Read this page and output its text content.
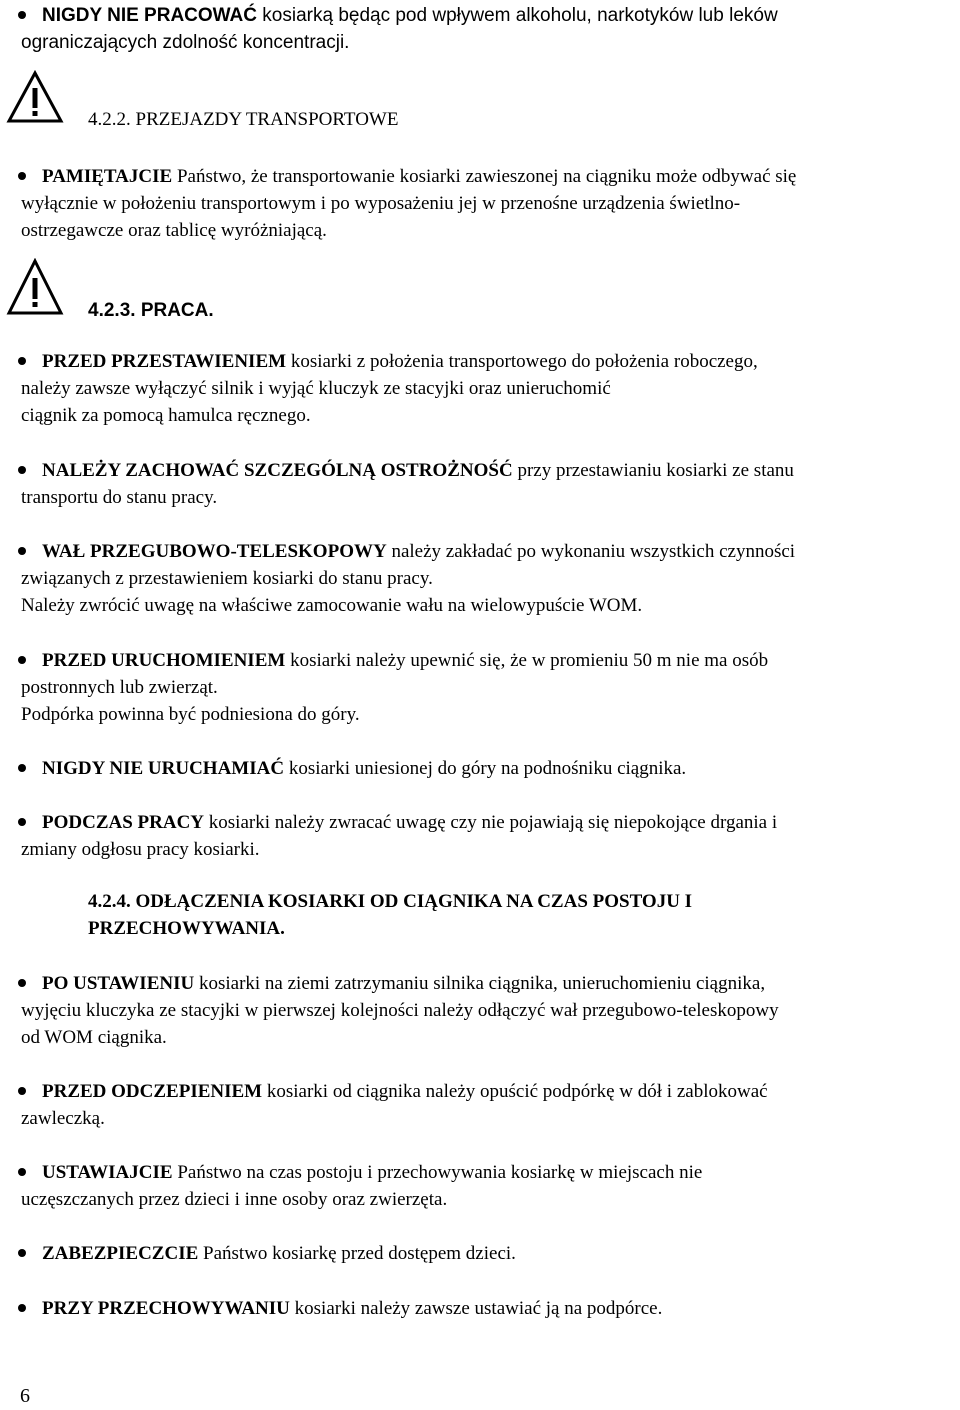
NIGDY NIE PRACOWAĆ kosiarką będąc pod wpływem alkoholu, narkotyków lub leków
ograniczających zdolność koncentracji.
4.2.2. PRZEJAZDY TRANSPORTOWE
PAMIĘTAJCIE Państwo, że transportowanie kosiarki zawieszonej na ciągniku może odbywać się
wyłącznie w położeniu transportowym i po wyposażeniu jej w przenośne urządzenia świetlno-
ostrzegawcze oraz tablicę wyróżniającą.
4.2.3. PRACA.
PRZED PRZESTAWIENIEM kosiarki z położenia transportowego do położenia roboczego,
należy zawsze wyłączyć silnik i wyjąć kluczyk ze stacyjki oraz unieruchomić
ciągnik za pomocą hamulca ręcznego.
NALEŻY ZACHOWAĆ SZCZEGÓLNĄ OSTROŻNOŚĆ przy przestawianiu kosiarki ze stanu
transportu do stanu pracy.
WAŁ PRZEGUBOWO-TELESKOPOWY należy zakładać po wykonaniu wszystkich czynności
związanych z przestawieniem kosiarki do stanu pracy.
Należy zwrócić uwagę na właściwe zamocowanie wału na wielowypuście WOM.
PRZED URUCHOMIENIEM kosiarki należy upewnić się, że w promieniu 50 m nie ma osób
postronnych lub zwierząt.
Podpórka powinna być podniesiona do góry.
NIGDY NIE URUCHAMIAĆ kosiarki uniesionej do góry na podnośniku ciągnika.
PODCZAS PRACY kosiarki należy zwracać uwagę czy nie pojawiają się niepokojące drgania i
zmiany odgłosu pracy kosiarki.
4.2.4. ODŁĄCZENIA KOSIARKI OD CIĄGNIKA NA CZAS POSTOJU I
PRZECHOWYWANIA.
PO USTAWIENIU kosiarki na ziemi zatrzymaniu silnika ciągnika, unieruchomieniu ciągnika,
wyjęciu kluczyka ze stacyjki w pierwszej kolejności należy odłączyć wał przegubowo-teleskopowy
od WOM ciągnika.
PRZED ODCZEPIENIEM kosiarki od ciągnika należy opuścić podpórkę w dół i zablokować
zawleczką.
USTAWIAJCIE Państwo na czas postoju i przechowywania kosiarkę w miejscach nie
uczęszczanych przez dzieci i inne osoby oraz zwierzęta.
ZABEZPIECZCIE Państwo kosiarkę przed dostępem dzieci.
PRZY PRZECHOWYWANIU kosiarki należy zawsze ustawiać ją na podpórce.
6
